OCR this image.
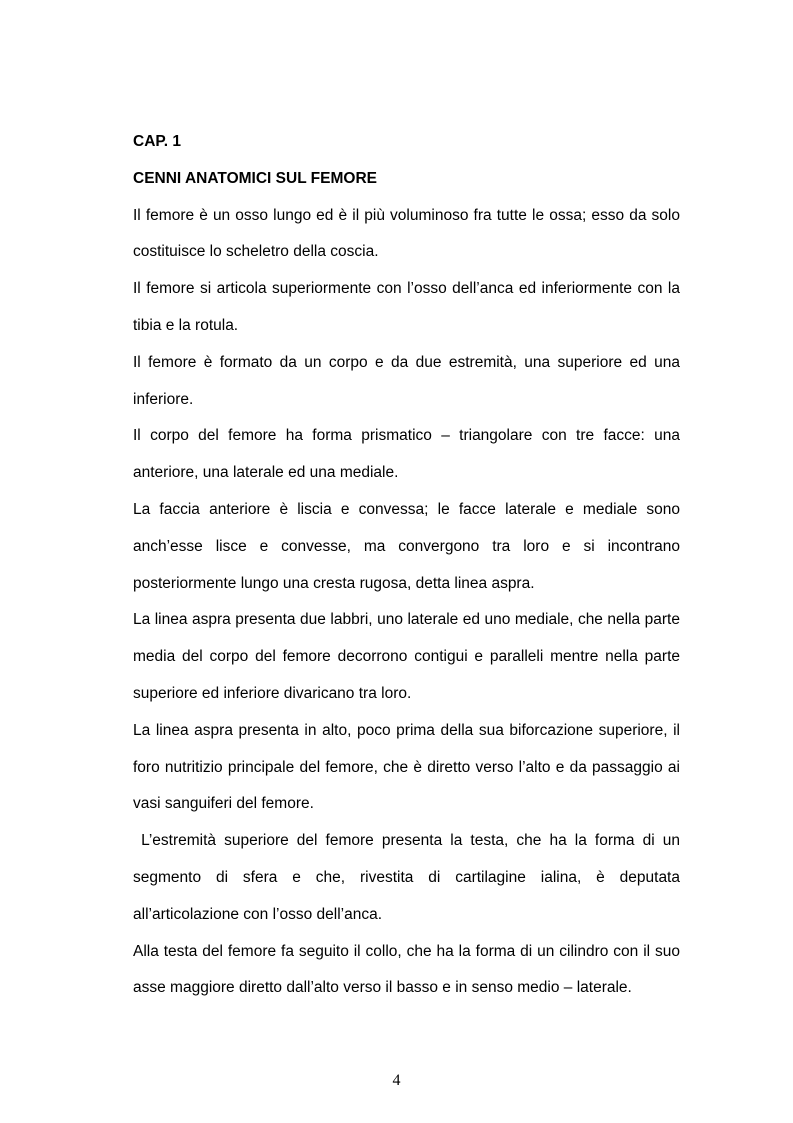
CAP. 1

CENNI ANATOMICI SUL FEMORE

Il femore è un osso lungo ed è il più voluminoso fra tutte le ossa; esso da solo costituisce lo scheletro della coscia.

Il femore si articola superiormente con l’osso dell’anca ed inferiormente con la tibia e la rotula.

Il femore è formato da un corpo e da due estremità, una superiore ed una inferiore.

Il corpo del femore ha forma prismatico – triangolare con tre facce: una anteriore, una laterale ed una mediale.

La faccia anteriore è liscia e convessa; le facce laterale e mediale sono anch’esse lisce e convesse, ma convergono tra loro e si incontrano posteriormente lungo una cresta rugosa, detta linea aspra.

La linea aspra presenta due labbri, uno laterale ed uno mediale, che nella parte media del corpo del femore decorrono contigui e paralleli mentre nella parte superiore ed inferiore divaricano tra loro.

La linea aspra presenta in alto, poco prima della sua biforcazione superiore, il foro nutritizio principale del femore, che è diretto verso l’alto e da passaggio ai vasi sanguiferi del femore.

L’estremità superiore del femore presenta la testa, che ha la forma di un segmento di sfera e che, rivestita di cartilagine ialina, è deputata all’articolazione con l’osso dell’anca.

Alla testa del femore fa seguito il collo, che ha la forma di un cilindro con il suo asse maggiore diretto dall’alto verso il basso e in senso medio – laterale.

4
